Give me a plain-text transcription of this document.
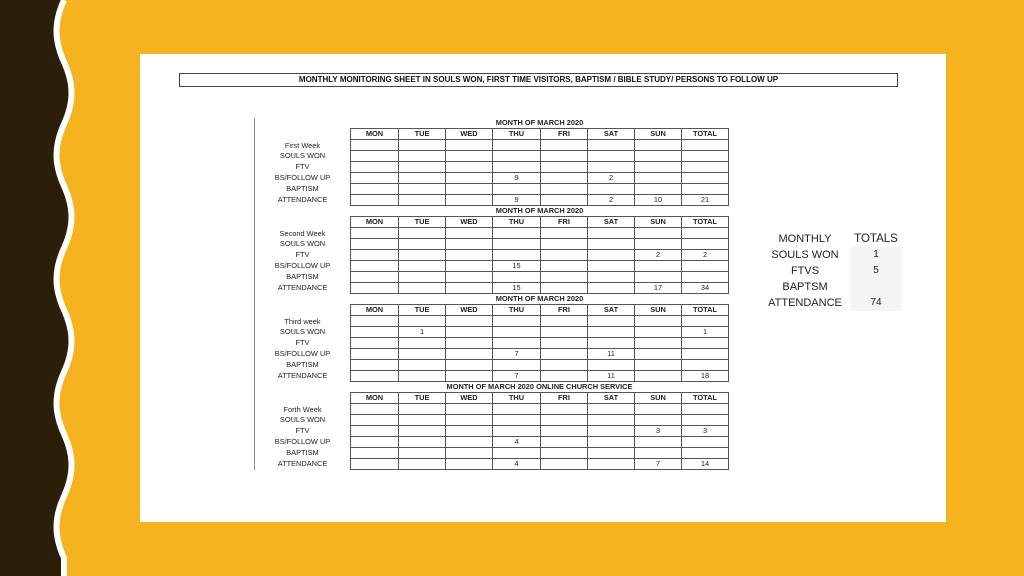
MONTHLY MONITORING SHEET IN SOULS WON, FIRST TIME VISITORS, BAPTISM / BIBLE STUDY/ PERSONS TO FOLLOW UP
	MONTH OF MARCH 2020							
	MON	TUE	WED	THU	FRI	SAT	SUN	TOTAL
First Week								
SOULS WON								
FTV								
BS/FOLLOW UP				9		2		
BAPTISM								
ATTENDANCE				9		2	10	21
	MONTH OF MARCH 2020							
	MON	TUE	WED	THU	FRI	SAT	SUN	TOTAL
Second Week								
SOULS WON								
FTV							2	2
BS/FOLLOW UP				15				
BAPTISM								
ATTENDANCE				15			17	34
	MONTH OF MARCH 2020							
	MON	TUE	WED	THU	FRI	SAT	SUN	TOTAL
Third week								
SOULS WON		1						1
FTV								
BS/FOLLOW UP				7		11		
BAPTISM								
ATTENDANCE				7		11		18
	MONTH OF MARCH 2020 ONLINE CHURCH SERVICE							
	MON	TUE	WED	THU	FRI	SAT	SUN	TOTAL
Forth Week								
SOULS WON								
FTV							3	3
BS/FOLLOW UP				4				
BAPTISM								
ATTENDANCE				4			7	14
MONTHLY	TOTALS
SOULS WON	1
FTVS	5
BAPTSM	
ATTENDANCE	74
